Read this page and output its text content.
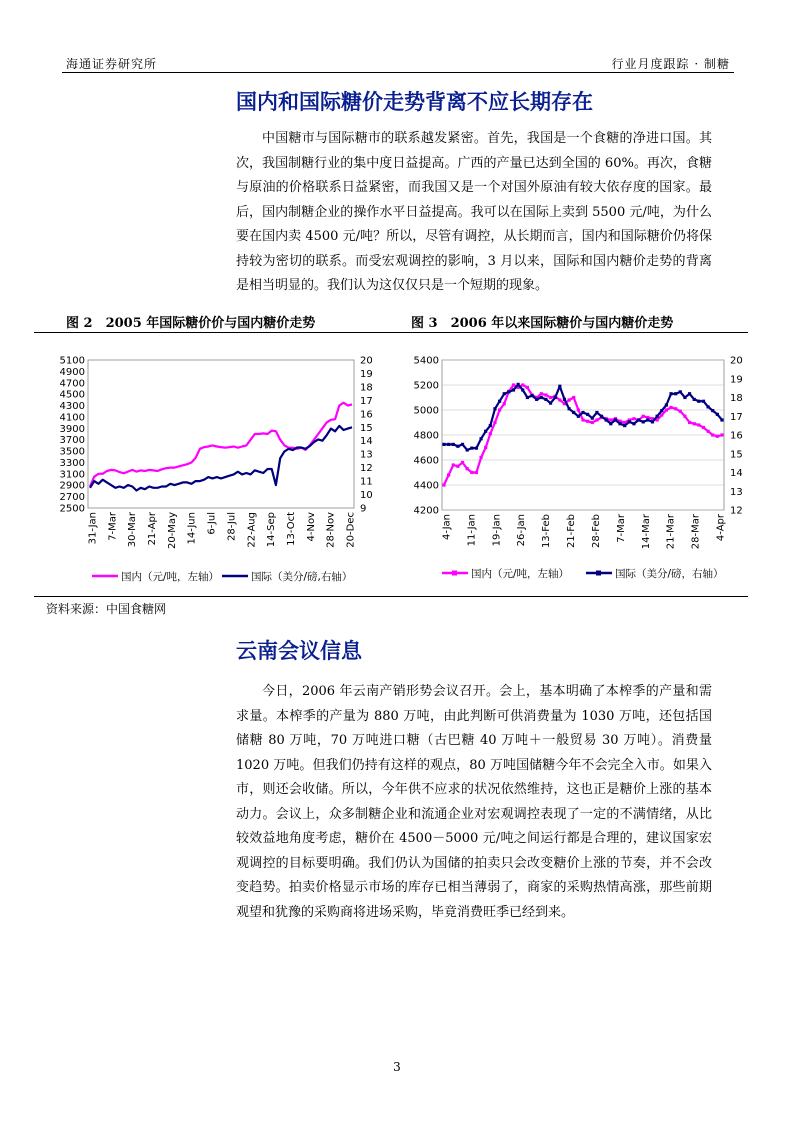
海通证券研究所	行业月度跟踪 · 制糖
国内和国际糖价走势背离不应长期存在

中国糖市与国际糖市的联系越发紧密。首先，我国是一个食糖的净进口国。其次，我国制糖行业的集中度日益提高。广西的产量已达到全国的 60%。再次，食糖与原油的价格联系日益紧密，而我国又是一个对国外原油有较大依存度的国家。最后，国内制糖企业的操作水平日益提高。我可以在国际上卖到 5500 元/吨，为什么要在国内卖 4500 元/吨？所以，尽管有调控，从长期而言，国内和国际糖价仍将保持较为密切的联系。而受宏观调控的影响，3 月以来，国际和国内糖价走势的背离是相当明显的。我们认为这仅仅只是一个短期的现象。

图 2　2005 年国际糖价价与国内糖价走势	图 3　2006 年以来国际糖价与国内糖价走势
2500
2700
2900
3100
3300
3500
3700
3900
4100
4300
4500
4700
4900
5100
9
10
11
12
13
14
15
16
17
18
19
20
31-Jan 7-Mar 30-Mar 21-Apr 20-May 14-Jun 6-Jul 28-Jul 22-Aug 14-Sep 13-Oct 4-Nov 28-Nov 20-Dec
国内（元/吨，左轴）	国际（美分/磅,右轴）
4200
4400
4600
4800
5000
5200
5400
12
13
14
15
16
17
18
19
20
4-Jan 11-Jan 19-Jan 26-Jan 13-Feb 21-Feb 28-Feb 7-Mar 14-Mar 21-Mar 28-Mar 4-Apr
国内（元/吨，左轴）	国际（美分/磅，右轴）
资料来源：中国食糖网
云南会议信息

今日，2006 年云南产销形势会议召开。会上，基本明确了本榨季的产量和需求量。本榨季的产量为 880 万吨，由此判断可供消费量为 1030 万吨，还包括国储糖 80 万吨，70 万吨进口糖（古巴糖 40 万吨＋一般贸易 30 万吨）。消费量 1020 万吨。但我们仍持有这样的观点，80 万吨国储糖今年不会完全入市。如果入市，则还会收储。所以，今年供不应求的状况依然维持，这也正是糖价上涨的基本动力。会议上，众多制糖企业和流通企业对宏观调控表现了一定的不满情绪，从比较效益地角度考虑，糖价在 4500－5000 元/吨之间运行都是合理的，建议国家宏观调控的目标要明确。我们仍认为国储的拍卖只会改变糖价上涨的节奏，并不会改变趋势。拍卖价格显示市场的库存已相当薄弱了，商家的采购热情高涨，那些前期观望和犹豫的采购商将进场采购，毕竟消费旺季已经到来。

3
